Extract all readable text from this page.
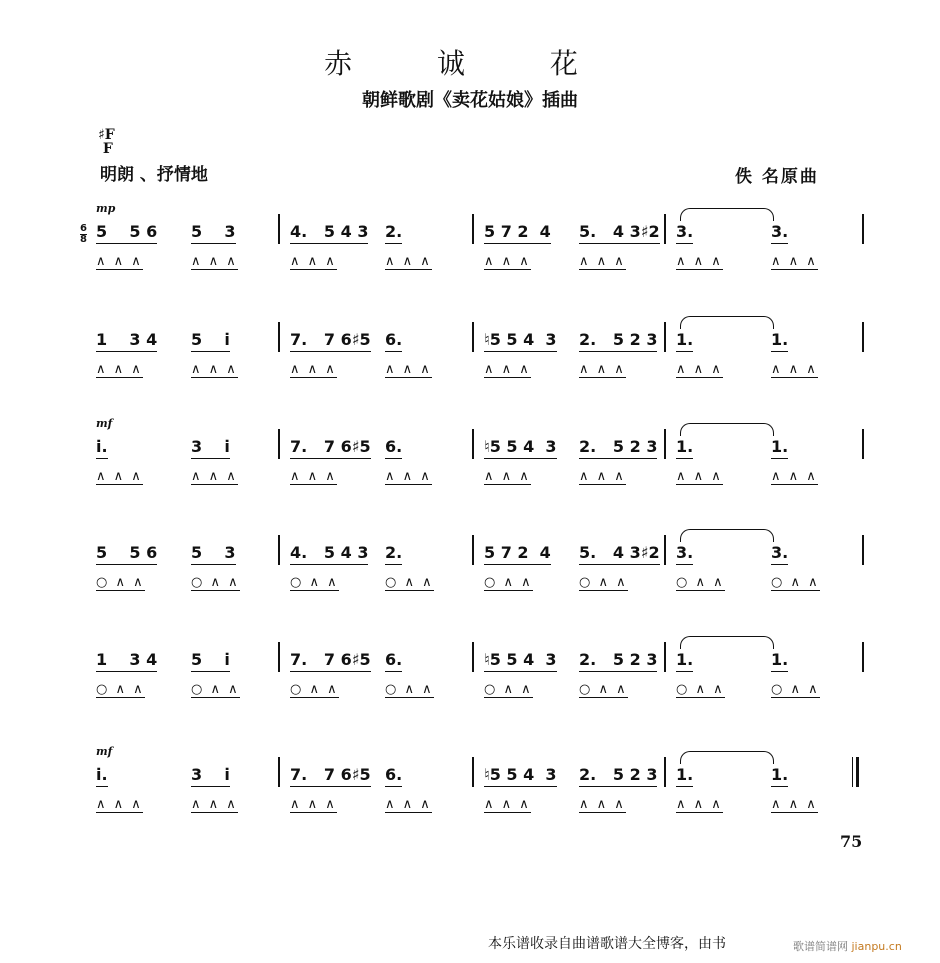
赤 诚 花
朝鲜歌剧《卖花姑娘》插曲
♯F
F
明朗 、抒情地	佚 名原曲
6
8
mp
5    5 6
∧ ∧ ∧
5    3
∧ ∧ ∧
4.   5 4 3
∧ ∧ ∧
2.
∧ ∧ ∧
5 7 2  4
∧ ∧ ∧
5.   4 3♯2
∧ ∧ ∧
3.
∧ ∧ ∧
3.
∧ ∧ ∧
1    3 4
∧ ∧ ∧
5    i̇
∧ ∧ ∧
7.   7 6♯5
∧ ∧ ∧
6.
∧ ∧ ∧
♮5 5 4  3
∧ ∧ ∧
2.   5 2 3
∧ ∧ ∧
1.
∧ ∧ ∧
1.
∧ ∧ ∧
mf
i̇.
∧ ∧ ∧
3    i̇
∧ ∧ ∧
7.   7 6♯5
∧ ∧ ∧
6.
∧ ∧ ∧
♮5 5 4  3
∧ ∧ ∧
2.   5 2 3
∧ ∧ ∧
1.
∧ ∧ ∧
1.
∧ ∧ ∧
5    5 6
○ ∧ ∧
5    3
○ ∧ ∧
4.   5 4 3
○ ∧ ∧
2.
○ ∧ ∧
5 7 2  4
○ ∧ ∧
5.   4 3♯2
○ ∧ ∧
3.
○ ∧ ∧
3.
○ ∧ ∧
1    3 4
○ ∧ ∧
5    i̇
○ ∧ ∧
7.   7 6♯5
○ ∧ ∧
6.
○ ∧ ∧
♮5 5 4  3
○ ∧ ∧
2.   5 2 3
○ ∧ ∧
1.
○ ∧ ∧
1.
○ ∧ ∧
mf
i̇.
∧ ∧ ∧
3    i̇
∧ ∧ ∧
7.   7 6♯5
∧ ∧ ∧
6.
∧ ∧ ∧
♮5 5 4  3
∧ ∧ ∧
2.   5 2 3
∧ ∧ ∧
1.
∧ ∧ ∧
1.
∧ ∧ ∧
75
本乐谱收录自曲谱歌谱大全博客，由书	歌谱简谱网 jianpu.cn
